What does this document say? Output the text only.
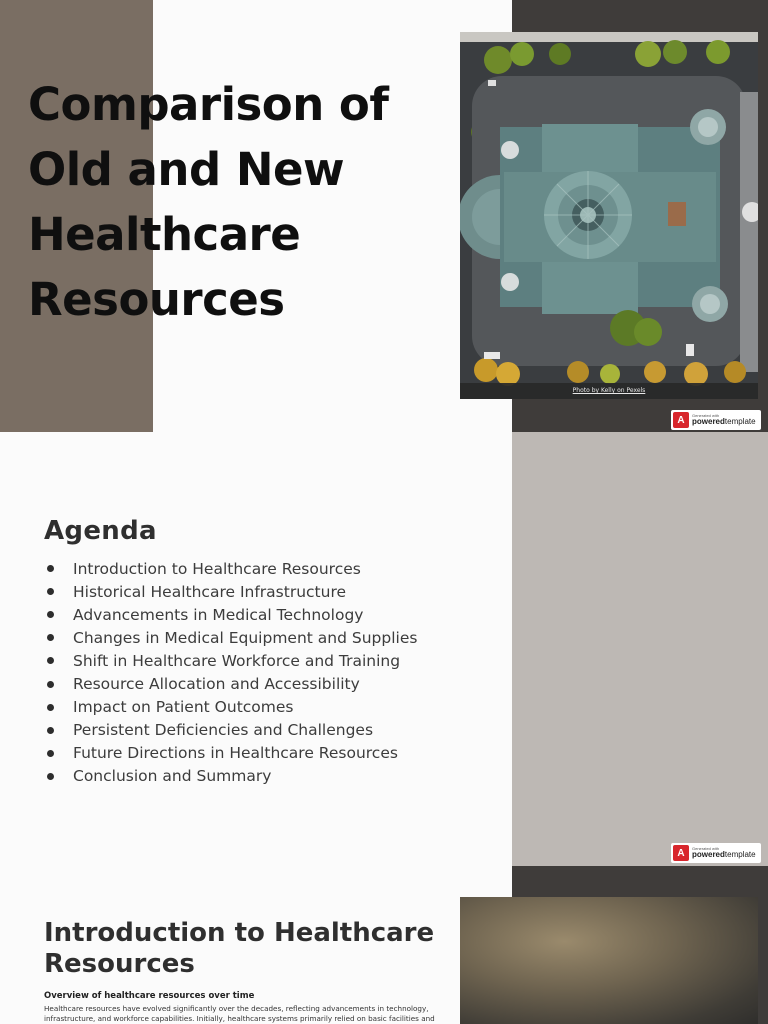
Comparison of Old and New Healthcare Resources
Photo by Kelly on Pexels
A	Generated with
poweredtemplate
Agenda
Introduction to Healthcare Resources
Historical Healthcare Infrastructure
Advancements in Medical Technology
Changes in Medical Equipment and Supplies
Shift in Healthcare Workforce and Training
Resource Allocation and Accessibility
Impact on Patient Outcomes
Persistent Deficiencies and Challenges
Future Directions in Healthcare Resources
Conclusion and Summary
A	Generated with
poweredtemplate
Introduction to Healthcare Resources
Overview of healthcare resources over time

Healthcare resources have evolved significantly over the decades, reflecting advancements in technology, infrastructure, and workforce capabilities. Initially, healthcare systems primarily relied on basic facilities and
